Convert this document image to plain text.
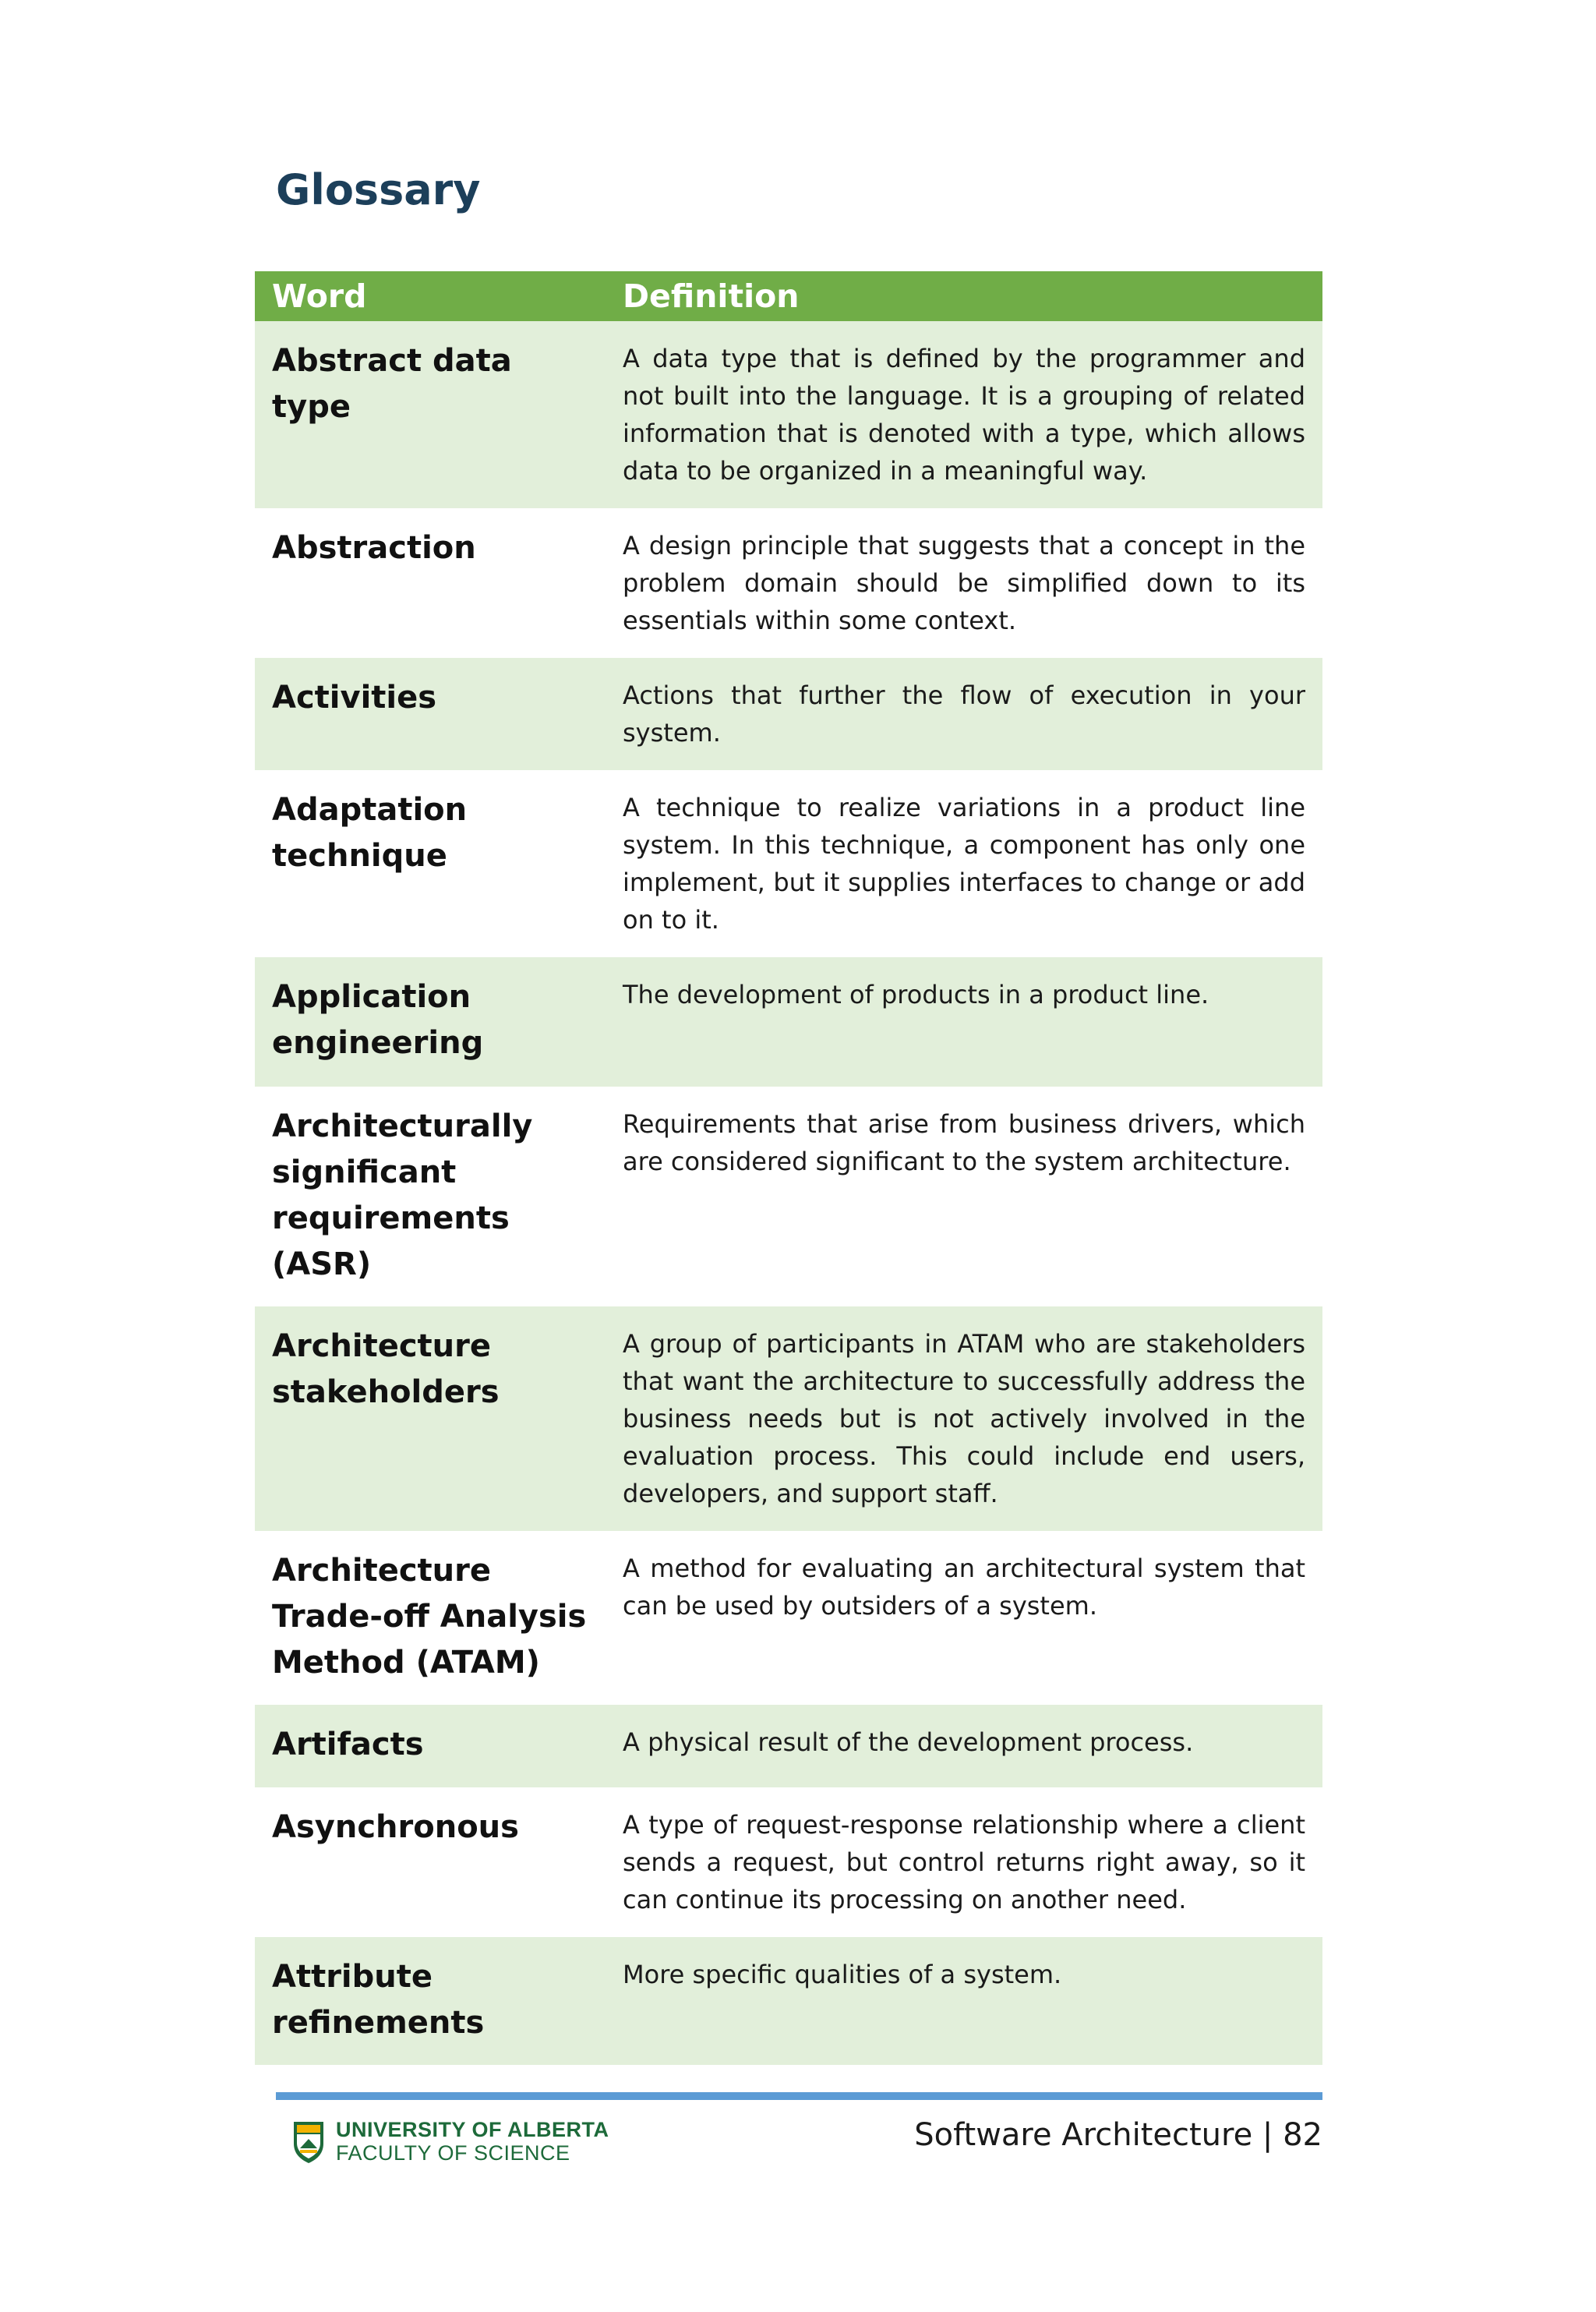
Glossary
Word	Definition

Abstract data type	A data type that is defined by the programmer and not built into the language. It is a grouping of related information that is denoted with a type, which allows data to be organized in a meaningful way.

Abstraction	A design principle that suggests that a concept in the problem domain should be simplified down to its essentials within some context.

Activities	Actions that further the flow of execution in your system.

Adaptation technique	A technique to realize variations in a product line system. In this technique, a component has only one implement, but it supplies interfaces to change or add on to it.

Application engineering	The development of products in a product line.

Architecturally significant requirements (ASR)	Requirements that arise from business drivers, which are considered significant to the system architecture.

Architecture stakeholders	A group of participants in ATAM who are stakeholders that want the architecture to successfully address the business needs but is not actively involved in the evaluation process. This could include end users, developers, and support staff.

Architecture Trade-off Analysis Method (ATAM)	A method for evaluating an architectural system that can be used by outsiders of a system.

Artifacts	A physical result of the development process.

Asynchronous	A type of request-response relationship where a client sends a request, but control returns right away, so it can continue its processing on another need.

Attribute refinements	More specific qualities of a system.
UNIVERSITY OF ALBERTA
FACULTY OF SCIENCE	Software Architecture | 82
